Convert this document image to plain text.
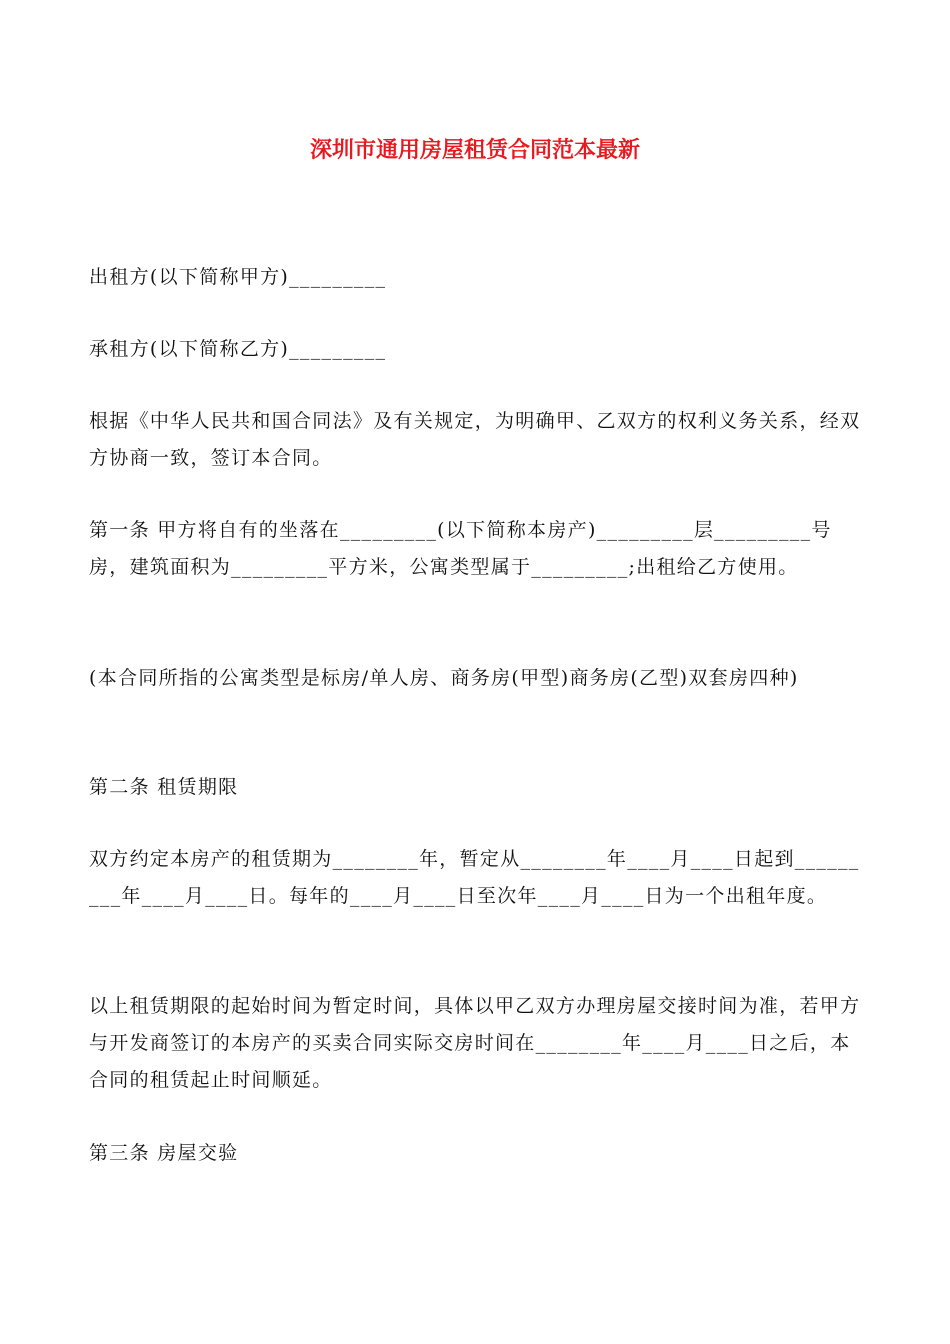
深圳市通用房屋租赁合同范本最新

出租方(以下简称甲方)_________

承租方(以下简称乙方)_________

根据《中华人民共和国合同法》及有关规定，为明确甲、乙双方的权利义务关系，经双方协商一致，签订本合同。

第一条 甲方将自有的坐落在_________(以下简称本房产)_________层_________号房，建筑面积为_________平方米，公寓类型属于_________;出租给乙方使用。

(本合同所指的公寓类型是标房/单人房、商务房(甲型)商务房(乙型)双套房四种)

第二条 租赁期限

双方约定本房产的租赁期为________年，暂定从________年____月____日起到_________年____月____日。每年的____月____日至次年____月____日为一个出租年度。

以上租赁期限的起始时间为暂定时间，具体以甲乙双方办理房屋交接时间为准，若甲方与开发商签订的本房产的买卖合同实际交房时间在________年____月____日之后，本合同的租赁起止时间顺延。

第三条 房屋交验
